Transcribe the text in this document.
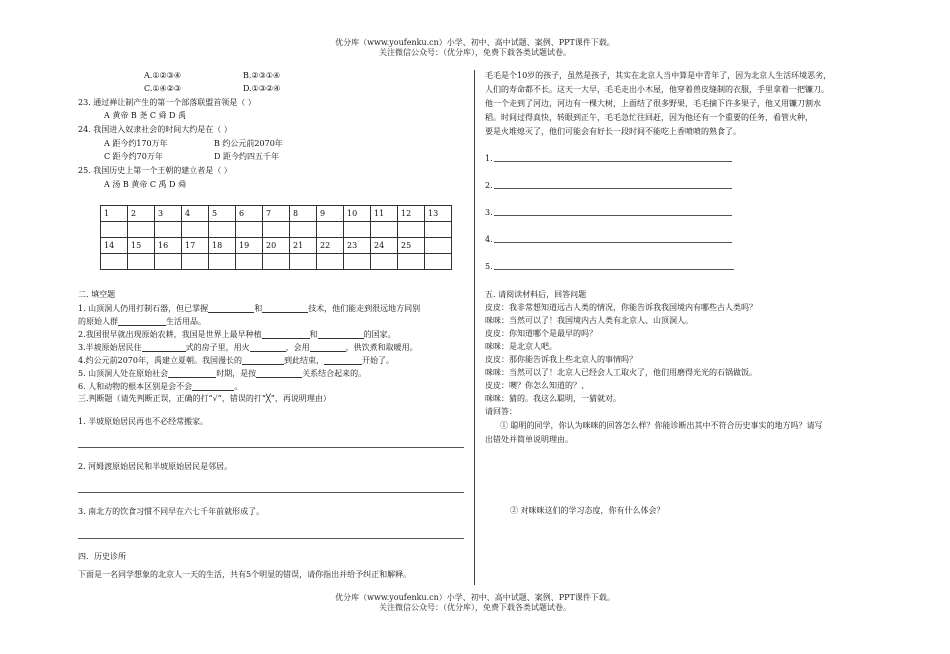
优分库（www.youfenku.cn）小学、初中、高中试题、案例、PPT课件下载。
关注微信公众号：（优分库），免费下载各类试题试卷。
A.①②③④	B.②③①④
C.①④②③	D.①③②④
23. 通过禅让制产生的第一个部落联盟首领是（ ）
A 黄帝 B 尧 C 舜 D 禹
24. 我国进入奴隶社会的时间大约是在（ ）
A 距今约170万年	B 约公元前2070年
C 距今约70万年	D 距今约四五千年
25. 我国历史上第一个王朝的建立者是（ ）
A 汤 B 黄帝 C 禹 D 舜
1	2	3	4	5	6	7	8	9	10	11	12	13

14	15	16	17	18	19	20	21	22	23	24	25	

二. 填空题
1. 山顶洞人仍用打制石器，但已掌握	和	技术，他们能走到很远地方同别
的原始人群	生活用品。
2.我国很早就出现原始农耕，我国是世界上最早种植	和	的国家。
3.半坡原始居民住	式的房子里，用火	，会用	，供饮煮和取暖用。
4.约公元前2070年，禹建立夏朝。我国漫长的	到此结束，	开始了。
5. 山顶洞人处在原始社会	时期，是按	关系结合起来的。
6. 人和动物的根本区别是会不会	。
三.判断题（请先判断正误，正确的打“√”，错误的打“╳”，再说明理由）
1. 半坡原始居民再也不必经常搬家。
2. 河姆渡原始居民和半坡原始居民是邻居。
3. 南北方的饮食习惯不同早在六七千年前就形成了。
四．历史诊所
下面是一名同学想象的北京人一天的生活，共有5个明显的错误，请你指出并给予纠正和解释。
毛毛是个10岁的孩子，虽然是孩子，其实在北京人当中算是中青年了，因为北京人生活环境恶劣，
人们的寿命都不长。这天一大早，毛毛走出小木屋，他穿着兽皮缝制的衣服，手里拿着一把镰刀。
他一个走到了河边，河边有一棵大树，上面结了很多野果，毛毛摘下许多果子，他又用镰刀割水
稻。时间过得真快，转眼到正午，毛毛急忙往回赶，因为他还有一个重要的任务，看管火种，
要是火堆熄灭了，他们可能会有好长一段时间不能吃上香喷喷的熟食了。
1.
2.
3.
4.
5.
五. 请阅读材料后，回答问题
皮皮：我非常想知道远古人类的情况，你能告诉我我国境内有哪些古人类吗？
咪咪：当然可以了！我国境内古人类有北京人、山顶洞人。
皮皮：你知道哪个是最早的吗？
咪咪：是北京人吧。
皮皮：那你能告诉我上些北京人的事情吗？
咪咪：当然可以了！北京人已经会人工取火了，他们用磨得光光的石锅做饭。
皮皮：噢？你怎么知道的？、
咪咪：猜的。我这么聪明，一猜就对。
请回答：
① 聪明的同学，你认为咪咪的回答怎么样？你能诊断出其中不符合历史事实的地方吗？请写
出错处并简单说明理由。
② 对咪咪这们的学习态度，你有什么体会？
优分库（www.youfenku.cn）小学、初中、高中试题、案例、PPT课件下载。
关注微信公众号：（优分库），免费下载各类试题试卷。
